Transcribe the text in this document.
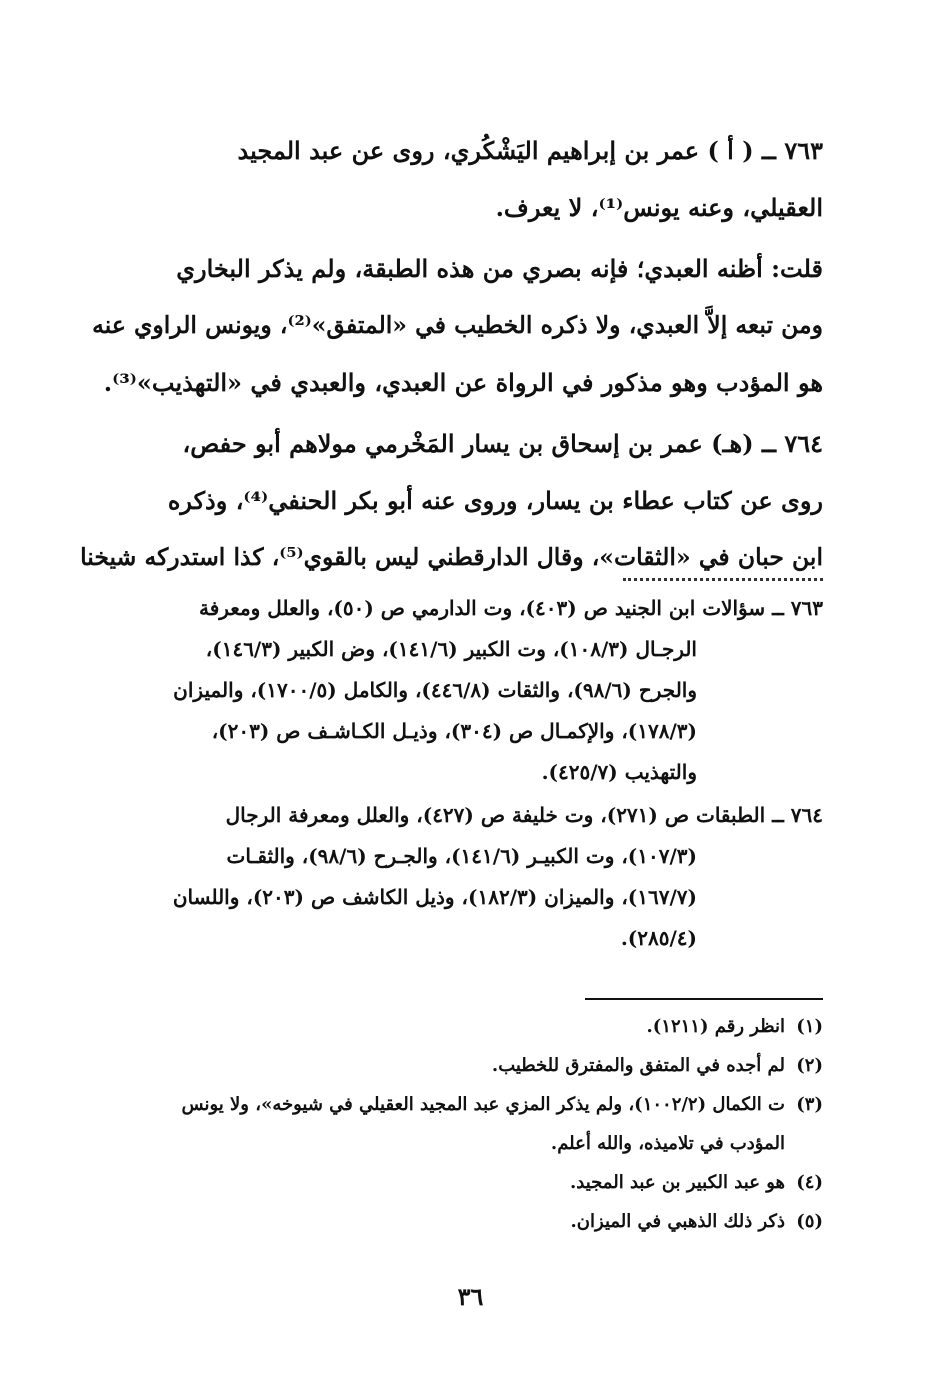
٧٦٣ ــ ( أ ) عمر بن إبراهيم اليَشْكُري، روى عن عبد المجيد
العقيلي، وعنه يونس⁽¹⁾، لا يعرف.
قلت: أظنه العبدي؛ فإنه بصري من هذه الطبقة، ولم يذكر البخاري
ومن تبعه إلاَّ العبدي، ولا ذكره الخطيب في «المتفق»⁽²⁾، ويونس الراوي عنه
هو المؤدب وهو مذكور في الرواة عن العبدي، والعبدي في «التهذيب»⁽³⁾.
٧٦٤ ــ (هـ) عمر بن إسحاق بن يسار المَخْرمي مولاهم أبو حفص،
روى عن كتاب عطاء بن يسار، وروى عنه أبو بكر الحنفي⁽⁴⁾، وذكره
ابن حبان في «الثقات»، وقال الدارقطني ليس بالقوي⁽⁵⁾، كذا استدركه شيخنا
٧٦٣ ــ سؤالات ابن الجنيد ص (٤٠٣)، وت الدارمي ص (٥٠)، والعلل ومعرفة
الرجـال (١٠٨/٣)، وت الكبير (١٤١/٦)، وض الكبير (١٤٦/٣)،
والجرح (٩٨/٦)، والثقات (٤٤٦/٨)، والكامل (١٧٠٠/٥)، والميزان
(١٧٨/٣)، والإكمـال ص (٣٠٤)، وذيـل الكـاشـف ص (٢٠٣)،
والتهذيب (٤٢٥/٧).
٧٦٤ ــ الطبقات ص (٢٧١)، وت خليفة ص (٤٢٧)، والعلل ومعرفة الرجال
(١٠٧/٣)، وت الكبيـر (١٤١/٦)، والجـرح (٩٨/٦)، والثقـات
(١٦٧/٧)، والميزان (١٨٢/٣)، وذيل الكاشف ص (٢٠٣)، واللسان
(٢٨٥/٤).
(١)انظر رقم (١٢١١).
(٢)لم أجده في المتفق والمفترق للخطيب.
(٣)ت الكمال (١٠٠٢/٢)، ولم يذكر المزي عبد المجيد العقيلي في شيوخه»، ولا يونس
المؤدب في تلاميذه، والله أعلم.
(٤)هو عبد الكبير بن عبد المجيد.
(٥)ذكر ذلك الذهبي في الميزان.
٣٦
